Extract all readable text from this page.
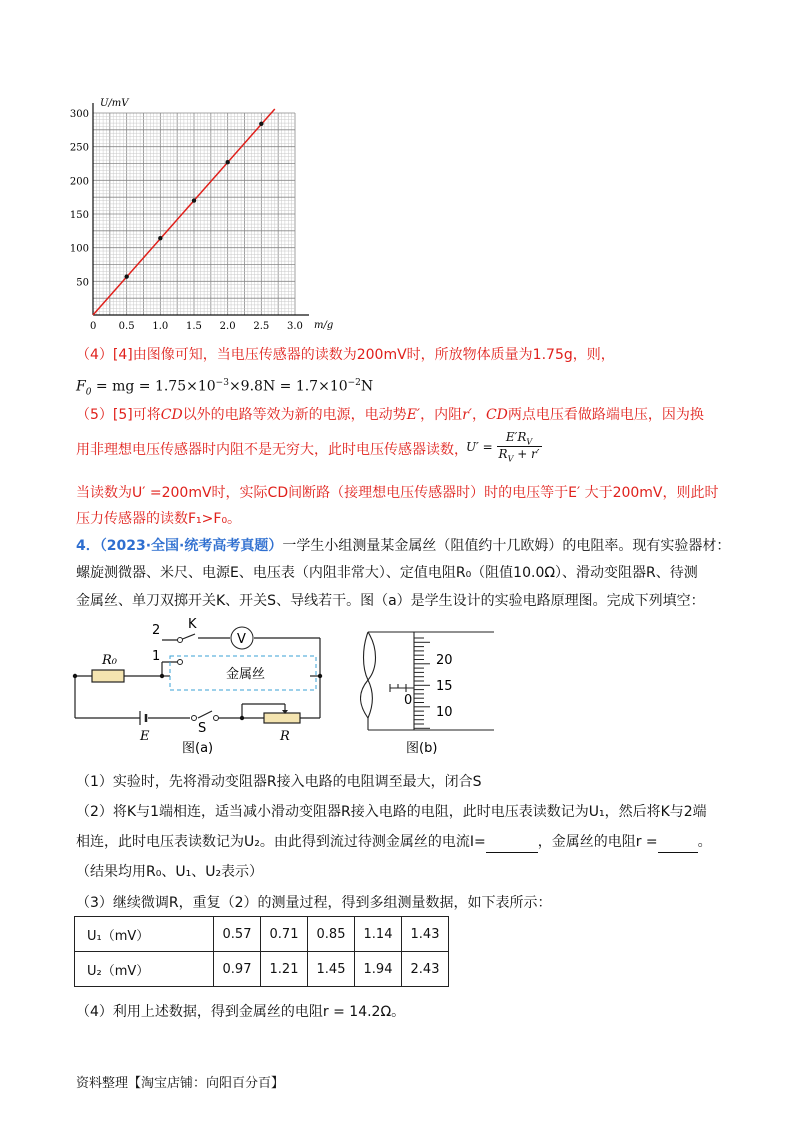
0 0.5 1.0 1.5 2.0 2.5 3.0
50
100
150
200
250
300
U/mV
m/g
（4）[4]由图像可知，当电压传感器的读数为200mV时，所放物体质量为1.75g，则，
$F_0$ = mg = $1.75\times 10^{-3}\times 9.8N = 1.7\times 10^{-2}N$
（5）[5]可将CD以外的电路等效为新的电源，电动势E′，内阻r′，CD两点电压看做路端电压，因为换
用非理想电压传感器时内阻不是无穷大，此时电压传感器读数，
$U' = \frac{E'R_V}{R_V + r'}$
当读数为U′ =200mV时，实际CD间断路（接理想电压传感器时）时的电压等于E′ 大于200mV，则此时
压力传感器的读数F₁>F₀。
4．（2023·全国·统考高考真题）一学生小组测量某金属丝（阻值约十几欧姆）的电阻率。现有实验器材：
螺旋测微器、米尺、电源E、电压表（内阻非常大）、定值电阻R₀（阻值10.0Ω）、滑动变阻器R、待测
金属丝、单刀双掷开关K、开关S、导线若干。图（a）是学生设计的实验电路原理图。完成下列填空：
2 K
1
V
R₀
金属丝
E
S
R
图(a)
20
15
10
0
图(b)
（1）实验时，先将滑动变阻器R接入电路的电阻调至最大，闭合S
（2）将K与1端相连，适当减小滑动变阻器R接入电路的电阻，此时电压表读数记为U₁，然后将K与2端
相连，此时电压表读数记为U₂。由此得到流过待测金属丝的电流I=	，金属丝的电阻r =	。
（结果均用R₀、U₁、U₂表示）
（3）继续微调R，重复（2）的测量过程，得到多组测量数据，如下表所示：
U₁（mV）	0.57	0.71	0.85	1.14	1.43
U₂（mV）	0.97	1.21	1.45	1.94	2.43
（4）利用上述数据，得到金属丝的电阻r = 14.2Ω。
资料整理【淘宝店铺：向阳百分百】
